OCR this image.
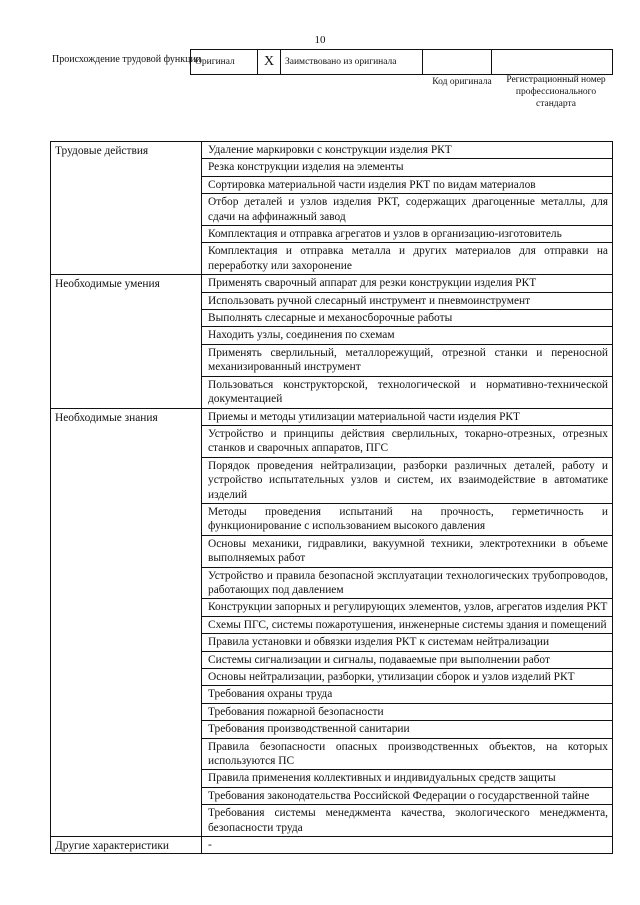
10
Происхождение трудовой функции
Оригинал	X	Заимствовано из оригинала		
Код оригинала	Регистрационный номер профессионального стандарта
Трудовые действия	Удаление маркировки с конструкции изделия РКТ
	Резка конструкции изделия на элементы
	Сортировка материальной части изделия РКТ по видам материалов
	Отбор деталей и узлов изделия РКТ, содержащих драгоценные металлы, для сдачи на аффинажный завод
	Комплектация и отправка агрегатов и узлов в организацию-изготовитель
	Комплектация и отправка металла и других материалов для отправки на переработку или захоронение
Необходимые умения	Применять сварочный аппарат для резки конструкции изделия РКТ
	Использовать ручной слесарный инструмент и пневмоинструмент
	Выполнять слесарные и механосборочные работы
	Находить узлы, соединения по схемам
	Применять сверлильный, металлорежущий, отрезной станки и переносной механизированный инструмент
	Пользоваться конструкторской, технологической и нормативно-технической документацией
Необходимые знания	Приемы и методы утилизации материальной части изделия РКТ
	Устройство и принципы действия сверлильных, токарно-отрезных, отрезных станков и сварочных аппаратов, ПГС
	Порядок проведения нейтрализации, разборки различных деталей, работу и устройство испытательных узлов и систем, их взаимодействие в автоматике изделий
	Методы проведения испытаний на прочность, герметичность и функционирование с использованием высокого давления
	Основы механики, гидравлики, вакуумной техники, электротехники в объеме выполняемых работ
	Устройство и правила безопасной эксплуатации технологических трубопроводов, работающих под давлением
	Конструкции запорных и регулирующих элементов, узлов, агрегатов изделия РКТ
	Схемы ПГС, системы пожаротушения, инженерные системы здания и помещений
	Правила установки и обвязки изделия РКТ к системам нейтрализации
	Системы сигнализации и сигналы, подаваемые при выполнении работ
	Основы нейтрализации, разборки, утилизации сборок и узлов изделий РКТ
	Требования охраны труда
	Требования пожарной безопасности
	Требования производственной санитарии
	Правила безопасности опасных производственных объектов, на которых используются ПС
	Правила применения коллективных и индивидуальных средств защиты
	Требования законодательства Российской Федерации о государственной тайне
	Требования системы менеджмента качества, экологического менеджмента, безопасности труда
Другие характеристики	-
